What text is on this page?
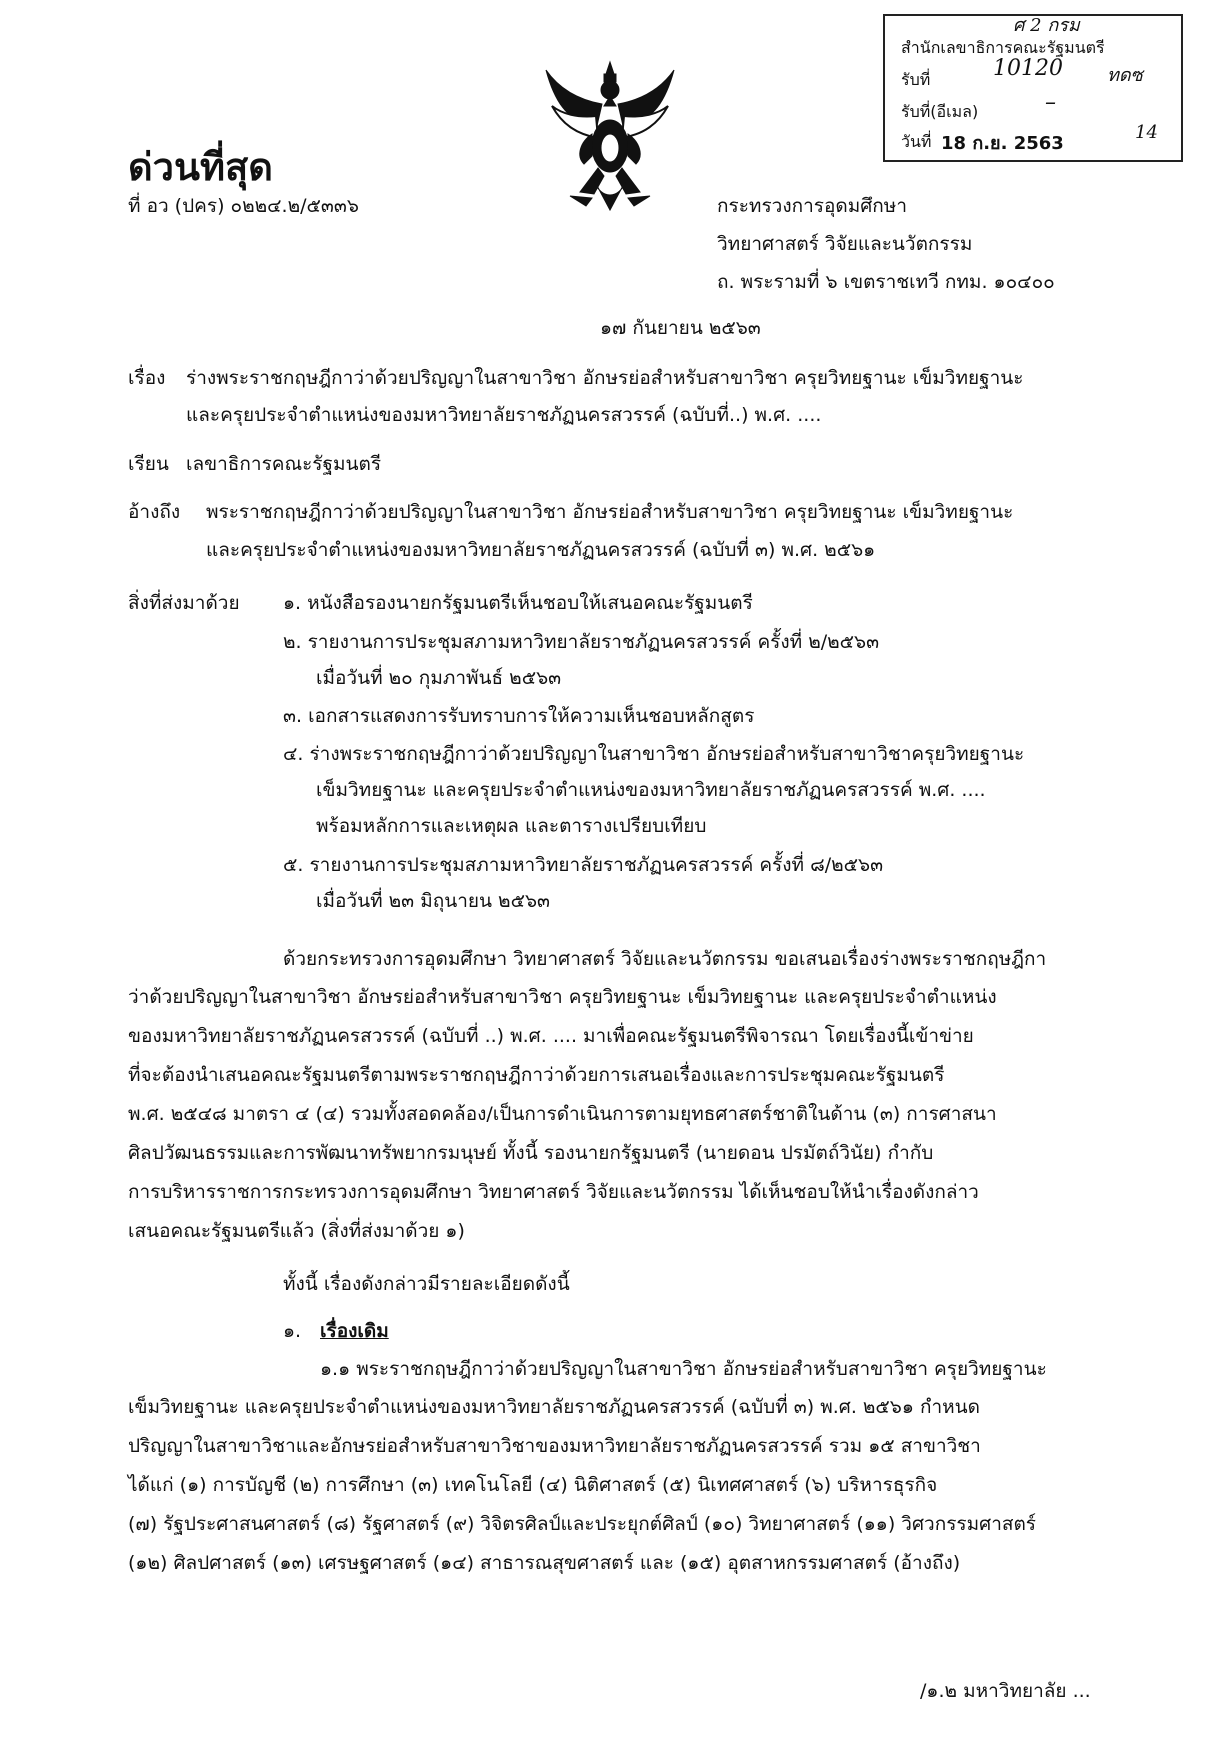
ศ 2 กรม
สำนักเลขาธิการคณะรัฐมนตรี
รับที่	10120 ทดซ
รับที่(อีเมล)	–
วันที่ 18 ก.ย. 2563
14
ด่วนที่สุด
ที่ อว (ปคร) ๐๒๒๔.๒/๕๓๓๖	กระทรวงการอุดมศึกษา
วิทยาศาสตร์ วิจัยและนวัตกรรม
ถ. พระรามที่ ๖ เขตราชเทวี กทม. ๑๐๔๐๐
๑๗ กันยายน ๒๕๖๓
เรื่อง ร่างพระราชกฤษฎีกาว่าด้วยปริญญาในสาขาวิชา อักษรย่อสำหรับสาขาวิชา ครุยวิทยฐานะ เข็มวิทยฐานะ
และครุยประจำตำแหน่งของมหาวิทยาลัยราชภัฏนครสวรรค์ (ฉบับที่..) พ.ศ. ....
เรียน เลขาธิการคณะรัฐมนตรี
อ้างถึง พระราชกฤษฎีกาว่าด้วยปริญญาในสาขาวิชา อักษรย่อสำหรับสาขาวิชา ครุยวิทยฐานะ เข็มวิทยฐานะ
และครุยประจำตำแหน่งของมหาวิทยาลัยราชภัฏนครสวรรค์ (ฉบับที่ ๓) พ.ศ. ๒๕๖๑
สิ่งที่ส่งมาด้วย ๑. หนังสือรองนายกรัฐมนตรีเห็นชอบให้เสนอคณะรัฐมนตรี
๒. รายงานการประชุมสภามหาวิทยาลัยราชภัฏนครสวรรค์ ครั้งที่ ๒/๒๕๖๓
เมื่อวันที่ ๒๐ กุมภาพันธ์ ๒๕๖๓
๓. เอกสารแสดงการรับทราบการให้ความเห็นชอบหลักสูตร
๔. ร่างพระราชกฤษฎีกาว่าด้วยปริญญาในสาขาวิชา อักษรย่อสำหรับสาขาวิชาครุยวิทยฐานะ
เข็มวิทยฐานะ และครุยประจำตำแหน่งของมหาวิทยาลัยราชภัฏนครสวรรค์ พ.ศ. ....
พร้อมหลักการและเหตุผล และตารางเปรียบเทียบ
๕. รายงานการประชุมสภามหาวิทยาลัยราชภัฏนครสวรรค์ ครั้งที่ ๘/๒๕๖๓
เมื่อวันที่ ๒๓ มิถุนายน ๒๕๖๓
ด้วยกระทรวงการอุดมศึกษา วิทยาศาสตร์ วิจัยและนวัตกรรม ขอเสนอเรื่องร่างพระราชกฤษฎีกา
ว่าด้วยปริญญาในสาขาวิชา อักษรย่อสำหรับสาขาวิชา ครุยวิทยฐานะ เข็มวิทยฐานะ และครุยประจำตำแหน่ง
ของมหาวิทยาลัยราชภัฏนครสวรรค์ (ฉบับที่ ..) พ.ศ. .... มาเพื่อคณะรัฐมนตรีพิจารณา โดยเรื่องนี้เข้าข่าย
ที่จะต้องนำเสนอคณะรัฐมนตรีตามพระราชกฤษฎีกาว่าด้วยการเสนอเรื่องและการประชุมคณะรัฐมนตรี
พ.ศ. ๒๕๔๘ มาตรา ๔ (๔) รวมทั้งสอดคล้อง/เป็นการดำเนินการตามยุทธศาสตร์ชาติในด้าน (๓) การศาสนา
ศิลปวัฒนธรรมและการพัฒนาทรัพยากรมนุษย์ ทั้งนี้ รองนายกรัฐมนตรี (นายดอน ปรมัตถ์วินัย) กำกับ
การบริหารราชการกระทรวงการอุดมศึกษา วิทยาศาสตร์ วิจัยและนวัตกรรม ได้เห็นชอบให้นำเรื่องดังกล่าว
เสนอคณะรัฐมนตรีแล้ว (สิ่งที่ส่งมาด้วย ๑)
ทั้งนี้ เรื่องดังกล่าวมีรายละเอียดดังนี้
๑. เรื่องเดิม
๑.๑ พระราชกฤษฎีกาว่าด้วยปริญญาในสาขาวิชา อักษรย่อสำหรับสาขาวิชา ครุยวิทยฐานะ
เข็มวิทยฐานะ และครุยประจำตำแหน่งของมหาวิทยาลัยราชภัฏนครสวรรค์ (ฉบับที่ ๓) พ.ศ. ๒๕๖๑ กำหนด
ปริญญาในสาขาวิชาและอักษรย่อสำหรับสาขาวิชาของมหาวิทยาลัยราชภัฏนครสวรรค์ รวม ๑๕ สาขาวิชา
ได้แก่ (๑) การบัญชี (๒) การศึกษา (๓) เทคโนโลยี (๔) นิติศาสตร์ (๕) นิเทศศาสตร์ (๖) บริหารธุรกิจ
(๗) รัฐประศาสนศาสตร์ (๘) รัฐศาสตร์ (๙) วิจิตรศิลป์และประยุกต์ศิลป์ (๑๐) วิทยาศาสตร์ (๑๑) วิศวกรรมศาสตร์
(๑๒) ศิลปศาสตร์ (๑๓) เศรษฐศาสตร์ (๑๔) สาธารณสุขศาสตร์ และ (๑๕) อุตสาหกรรมศาสตร์ (อ้างถึง)
/๑.๒ มหาวิทยาลัย ...
